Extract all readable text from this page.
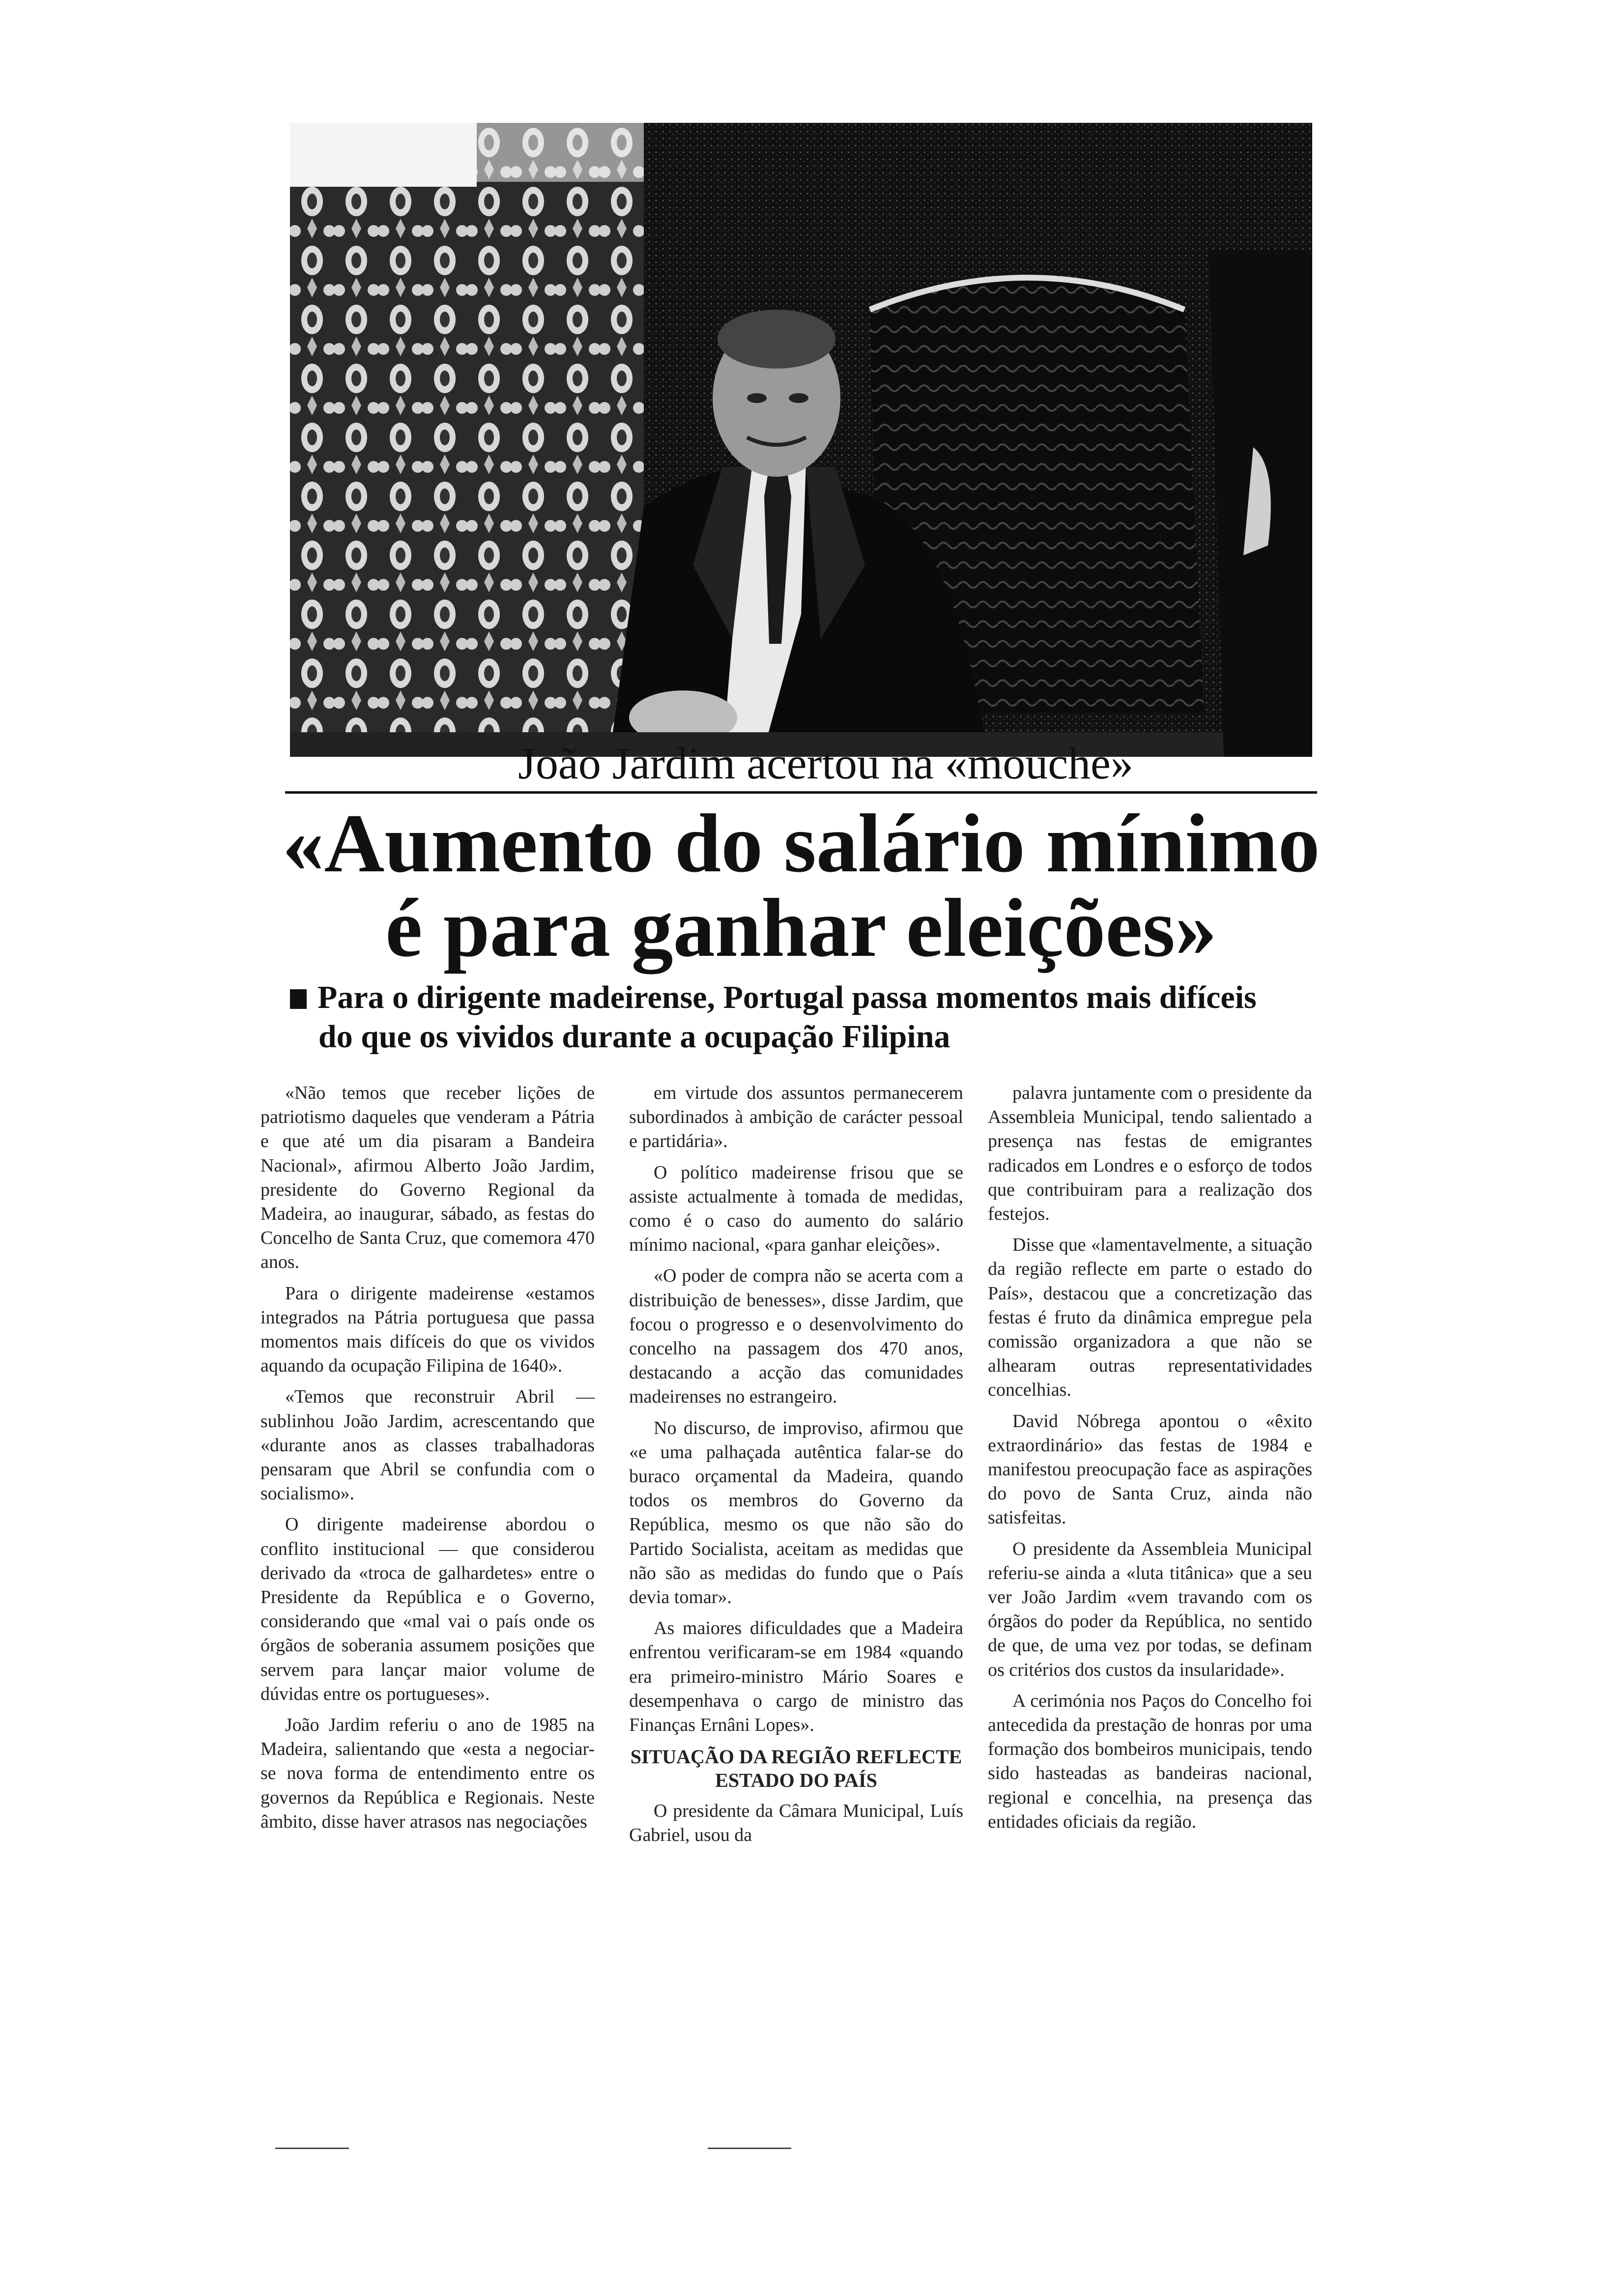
João Jardim acertou na «mouche»
«Aumento do salário mínimo
é para ganhar eleições»
Para o dirigente madeirense, Portugal passa momentos mais difíceis
do que os vividos durante a ocupação Filipina

«Não temos que receber lições de patriotismo daqueles que venderam a Pátria e que até um dia pisaram a Bandeira Nacional», afirmou Alberto João Jardim, presidente do Governo Regional da Madeira, ao inaugurar, sábado, as festas do Concelho de Santa Cruz, que comemora 470 anos.

Para o dirigente madeirense «estamos integrados na Pátria portuguesa que passa momentos mais difíceis do que os vividos aquando da ocupação Filipina de 1640».

«Temos que reconstruir Abril — sublinhou João Jardim, acrescentando que «durante anos as classes trabalhadoras pensaram que Abril se confundia com o socialismo».

O dirigente madeirense abordou o conflito institucional — que considerou derivado da «troca de galhardetes» entre o Presidente da República e o Governo, considerando que «mal vai o país onde os órgãos de soberania assumem posições que servem para lançar maior volume de dúvidas entre os portugueses».

João Jardim referiu o ano de 1985 na Madeira, salientando que «esta a negociar-se nova forma de entendimento entre os governos da República e Regionais. Neste âmbito, disse haver atrasos nas negociações

em virtude dos assuntos permanecerem subordinados à ambição de carácter pessoal e partidária».

O político madeirense frisou que se assiste actualmente à tomada de medidas, como é o caso do aumento do salário mínimo nacional, «para ganhar eleições».

«O poder de compra não se acerta com a distribuição de benesses», disse Jardim, que focou o progresso e o desenvolvimento do concelho na passagem dos 470 anos, destacando a acção das comunidades madeirenses no estrangeiro.

No discurso, de improviso, afirmou que «e uma palhaçada autêntica falar-se do buraco orçamental da Madeira, quando todos os membros do Governo da República, mesmo os que não são do Partido Socialista, aceitam as medidas que não são as medidas do fundo que o País devia tomar».

As maiores dificuldades que a Madeira enfrentou verificaram-se em 1984 «quando era primeiro-ministro Mário Soares e desempenhava o cargo de ministro das Finanças Ernâni Lopes».

SITUAÇÃO DA REGIÃO REFLECTE ESTADO DO PAÍS

O presidente da Câmara Municipal, Luís Gabriel, usou da

palavra juntamente com o presidente da Assembleia Municipal, tendo salientado a presença nas festas de emigrantes radicados em Londres e o esforço de todos que contribuiram para a realização dos festejos.

Disse que «lamentavelmente, a situação da região reflecte em parte o estado do País», destacou que a concretização das festas é fruto da dinâmica empregue pela comissão organizadora a que não se alhearam outras representatividades concelhias.

David Nóbrega apontou o «êxito extraordinário» das festas de 1984 e manifestou preocupação face as aspirações do povo de Santa Cruz, ainda não satisfeitas.

O presidente da Assembleia Municipal referiu-se ainda a «luta titânica» que a seu ver João Jardim «vem travando com os órgãos do poder da República, no sentido de que, de uma vez por todas, se definam os critérios dos custos da insularidade».

A cerimónia nos Paços do Concelho foi antecedida da prestação de honras por uma formação dos bombeiros municipais, tendo sido hasteadas as bandeiras nacional, regional e concelhia, na presença das entidades oficiais da região.
